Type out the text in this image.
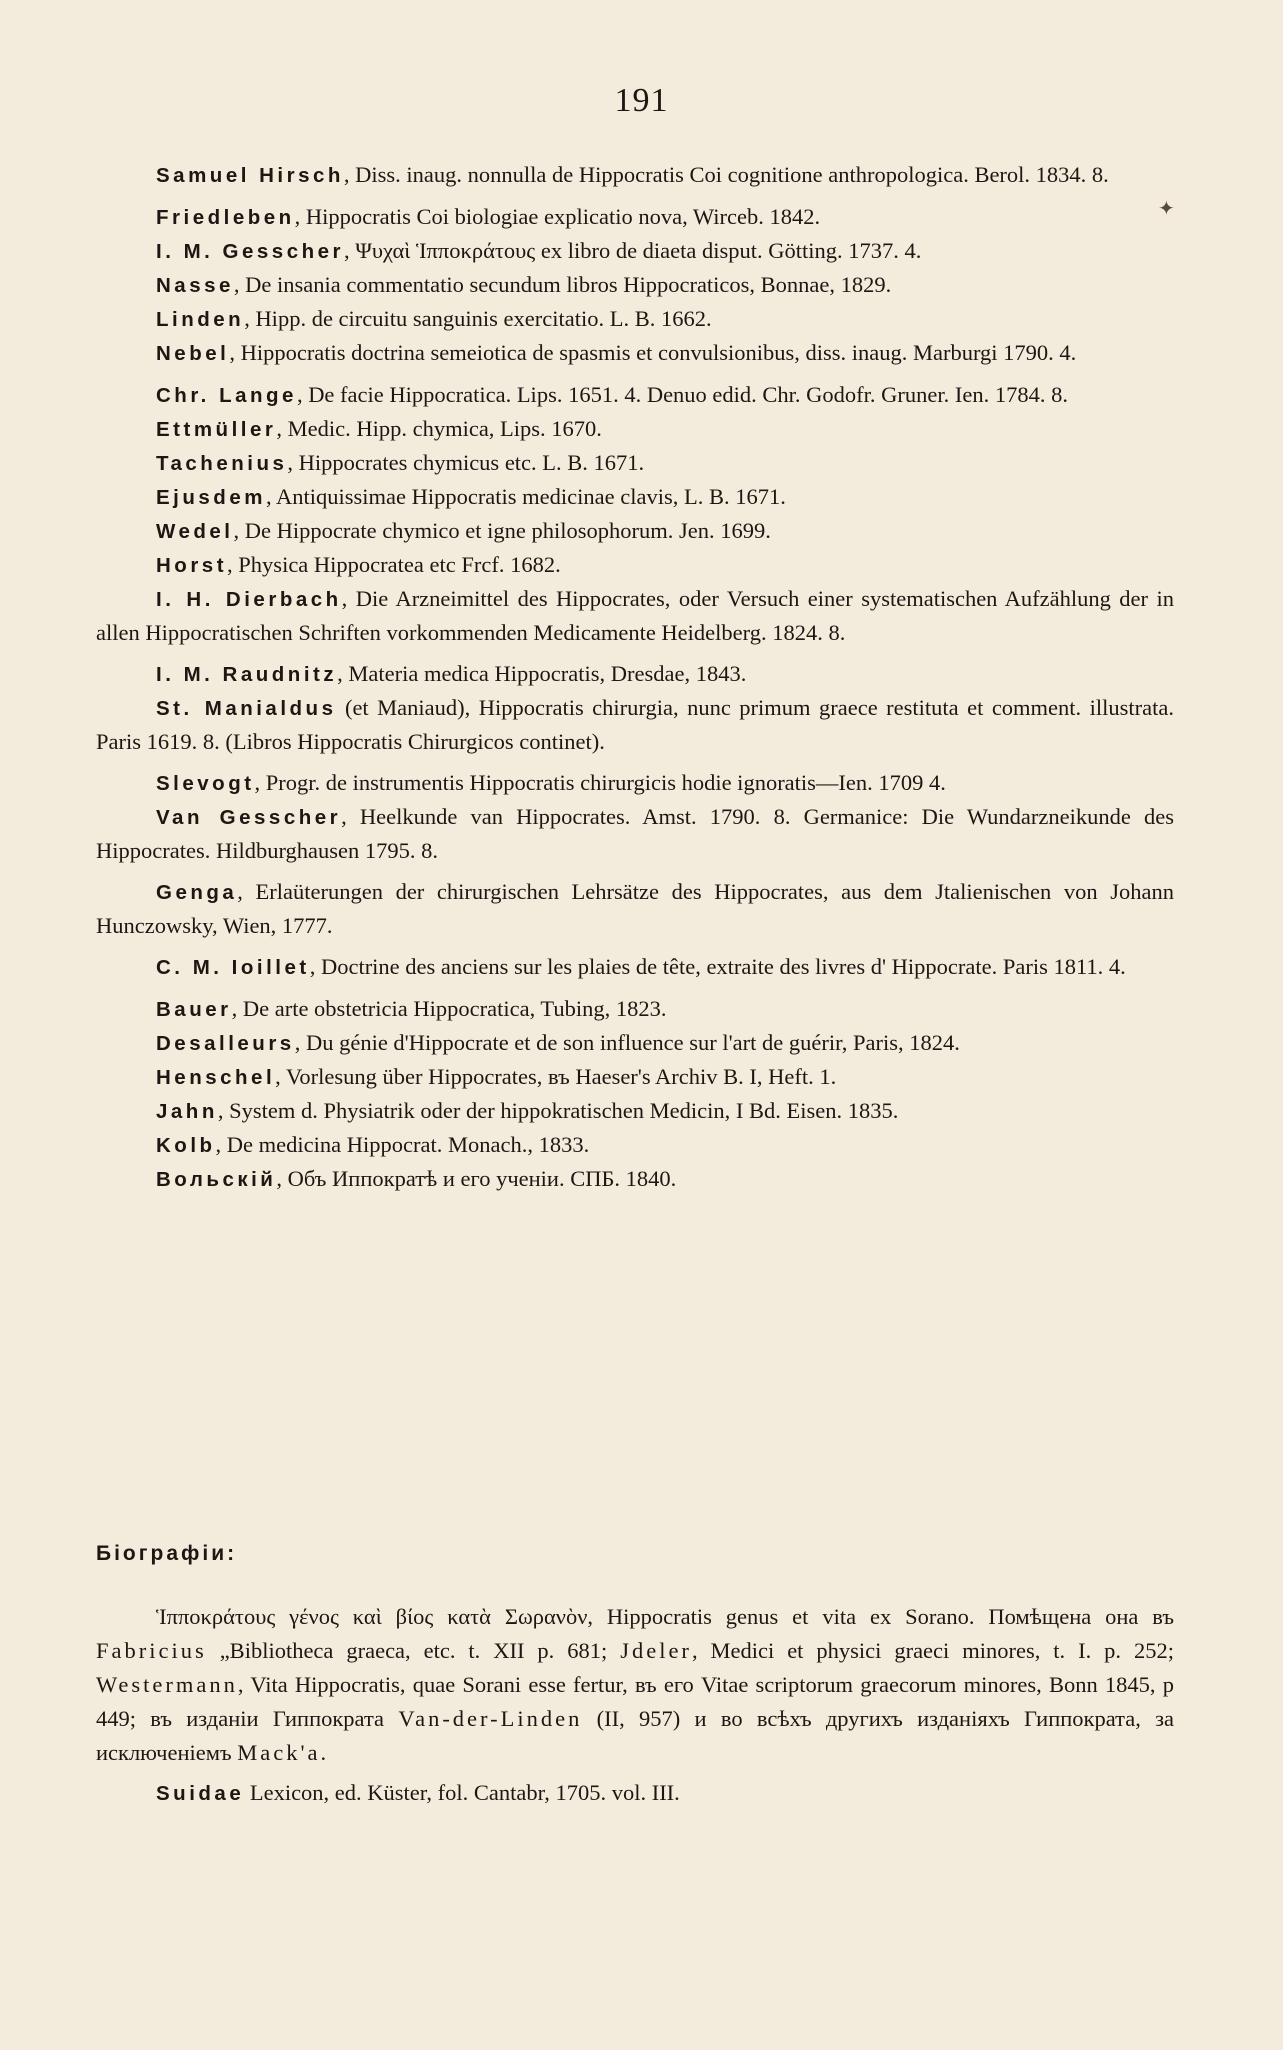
191
✦

Samuel Hirsch, Diss. inaug. nonnulla de Hippocratis Coi cognitione anthropologica. Berol. 1834. 8.

Friedleben, Hippocratis Coi biologiae explicatio nova, Wirceb. 1842.

I. M. Gesscher, Ψυχαὶ Ἱπποκράτους ex libro de diaeta disput. Götting. 1737. 4.

Nasse, De insania commentatio secundum libros Hippocraticos, Bonnae, 1829.

Linden, Hipp. de circuitu sanguinis exercitatio. L. B. 1662.

Nebel, Hippocratis doctrina semeiotica de spasmis et convulsionibus, diss. inaug. Marburgi 1790. 4.

Chr. Lange, De facie Hippocratica. Lips. 1651. 4. Denuo edid. Chr. Godofr. Gruner. Ien. 1784. 8.

Ettmüller, Medic. Hipp. chymica, Lips. 1670.

Tachenius, Hippocrates chymicus etc. L. B. 1671.

Ejusdem, Antiquissimae Hippocratis medicinae clavis, L. B. 1671.

Wedel, De Hippocrate chymico et igne philosophorum. Jen. 1699.

Horst, Physica Hippocratea etc Frcf. 1682.

I. H. Dierbach, Die Arzneimittel des Hippocrates, oder Versuch einer systematischen Aufzählung der in allen Hippocratischen Schriften vorkommenden Medicamente Heidelberg. 1824. 8.

I. M. Raudnitz, Materia medica Hippocratis, Dresdae, 1843.

St. Manialdus (et Maniaud), Hippocratis chirurgia, nunc primum graece restituta et comment. illustrata. Paris 1619. 8. (Libros Hippocratis Chirurgicos continet).

Slevogt, Progr. de instrumentis Hippocratis chirurgicis hodie ignoratis—Ien. 1709 4.

Van Gesscher, Heelkunde van Hippocrates. Amst. 1790. 8. Germanice: Die Wundarzneikunde des Hippocrates. Hildburghausen 1795. 8.

Genga, Erlaüterungen der chirurgischen Lehrsätze des Hippocrates, aus dem Jtalienischen von Johann Hunczowsky, Wien, 1777.

C. M. Ioillet, Doctrine des anciens sur les plaies de tête, extraite des livres d' Hippocrate. Paris 1811. 4.

Bauer, De arte obstetricia Hippocratica, Tubing, 1823.

Desalleurs, Du génie d'Hippocrate et de son influence sur l'art de guérir, Paris, 1824.

Henschel, Vorlesung über Hippocrates, въ Haeser's Archiv B. I, Heft. 1.

Jahn, System d. Physiatrik oder der hippokratischen Medicin, I Bd. Eisen. 1835.

Kolb, De medicina Hippocrat. Monach., 1833.

Вольскій, Объ Иппократѣ и его ученіи. СПБ. 1840.

Біографіи:

Ἱπποκράτους γένος καὶ βίος κατὰ Σωρανὸν, Hippocratis genus et vita ex Sorano. Помѣщена она въ Fabricius „Bibliotheca graeca, etc. t. XII p. 681; Jdeler, Medici et physici graeci minores, t. I. p. 252; Westermann, Vita Hippocratis, quae Sorani esse fertur, въ его Vitae scriptorum graecorum minores, Bonn 1845, p 449; въ изданіи Гиппократа Van-der-Linden (II, 957) и во всѣхъ другихъ изданіяхъ Гиппократа, за исключеніемъ Mack'a.

Suidae Lexicon, ed. Küster, fol. Cantabr, 1705. vol. III.
